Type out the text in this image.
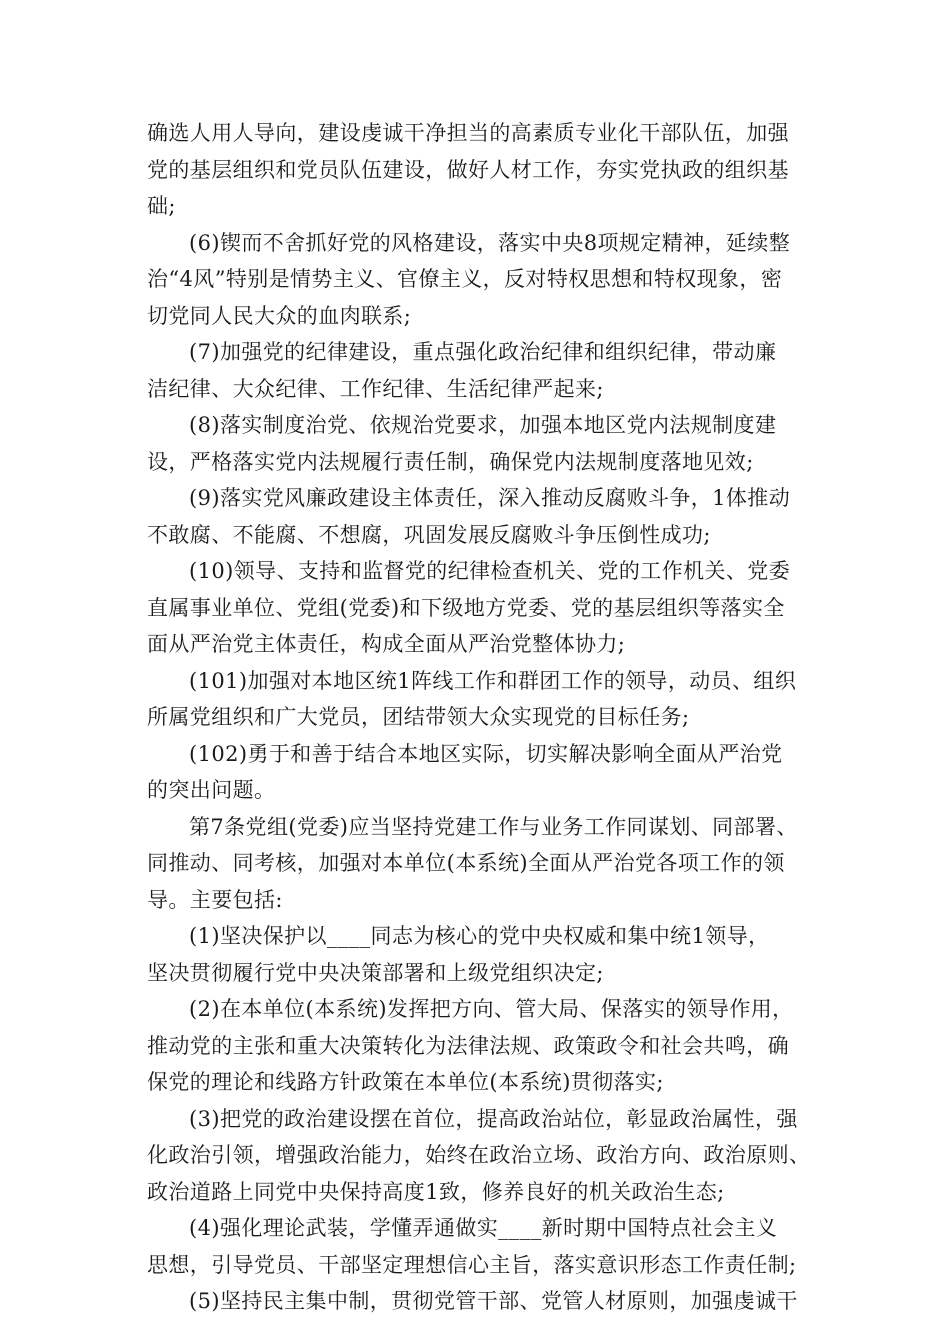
确选人用人导向，建设虔诚干净担当的高素质专业化干部队伍，加强
党的基层组织和党员队伍建设，做好人材工作，夯实党执政的组织基
础;
(6)锲而不舍抓好党的风格建设，落实中央8项规定精神，延续整
治“4风”特别是情势主义、官僚主义，反对特权思想和特权现象，密
切党同人民大众的血肉联系;
(7)加强党的纪律建设，重点强化政治纪律和组织纪律，带动廉
洁纪律、大众纪律、工作纪律、生活纪律严起来;
(8)落实制度治党、依规治党要求，加强本地区党内法规制度建
设，严格落实党内法规履行责任制，确保党内法规制度落地见效;
(9)落实党风廉政建设主体责任，深入推动反腐败斗争，1体推动
不敢腐、不能腐、不想腐，巩固发展反腐败斗争压倒性成功;
(10)领导、支持和监督党的纪律检查机关、党的工作机关、党委
直属事业单位、党组(党委)和下级地方党委、党的基层组织等落实全
面从严治党主体责任，构成全面从严治党整体协力;
(101)加强对本地区统1阵线工作和群团工作的领导，动员、组织
所属党组织和广大党员，团结带领大众实现党的目标任务;
(102)勇于和善于结合本地区实际，切实解决影响全面从严治党
的突出问题。
第7条党组(党委)应当坚持党建工作与业务工作同谋划、同部署、
同推动、同考核，加强对本单位(本系统)全面从严治党各项工作的领
导。主要包括:
(1)坚决保护以____同志为核心的党中央权威和集中统1领导，
坚决贯彻履行党中央决策部署和上级党组织决定;
(2)在本单位(本系统)发挥把方向、管大局、保落实的领导作用，
推动党的主张和重大决策转化为法律法规、政策政令和社会共鸣，确
保党的理论和线路方针政策在本单位(本系统)贯彻落实;
(3)把党的政治建设摆在首位，提高政治站位，彰显政治属性，强
化政治引领，增强政治能力，始终在政治立场、政治方向、政治原则、
政治道路上同党中央保持高度1致，修养良好的机关政治生态;
(4)强化理论武装，学懂弄通做实____新时期中国特点社会主义
思想，引导党员、干部坚定理想信心主旨，落实意识形态工作责任制;
(5)坚持民主集中制，贯彻党管干部、党管人材原则，加强虔诚干
